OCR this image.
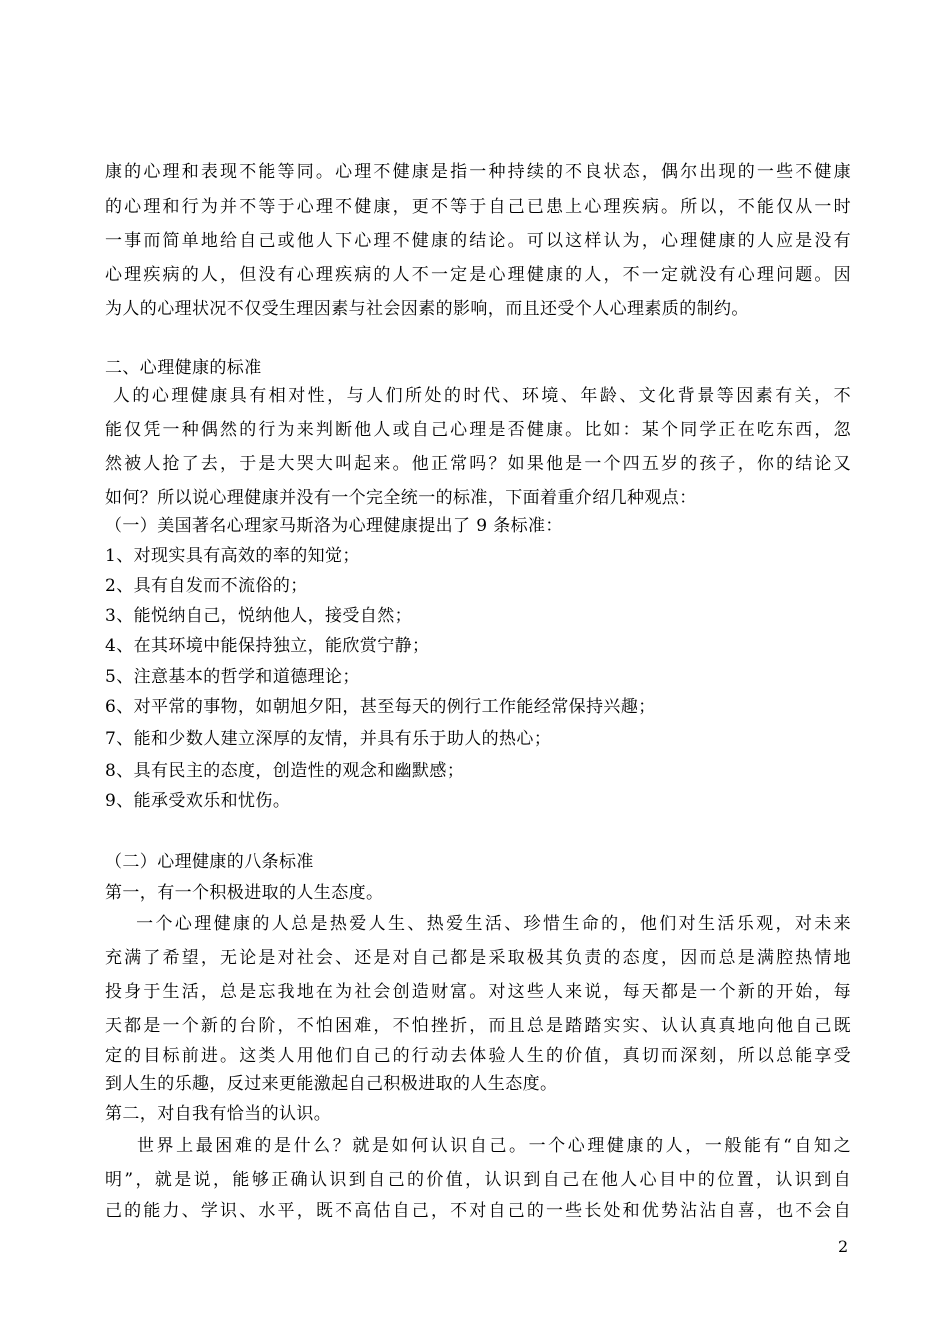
康的心理和表现不能等同。心理不健康是指一种持续的不良状态，偶尔出现的一些不健康
的心理和行为并不等于心理不健康，更不等于自己已患上心理疾病。所以，不能仅从一时
一事而简单地给自己或他人下心理不健康的结论。可以这样认为，心理健康的人应是没有
心理疾病的人，但没有心理疾病的人不一定是心理健康的人，不一定就没有心理问题。因
为人的心理状况不仅受生理因素与社会因素的影响，而且还受个人心理素质的制约。
二、心理健康的标准
人的心理健康具有相对性，与人们所处的时代、环境、年龄、文化背景等因素有关，不
能仅凭一种偶然的行为来判断他人或自己心理是否健康。比如：某个同学正在吃东西，忽
然被人抢了去，于是大哭大叫起来。他正常吗？如果他是一个四五岁的孩子，你的结论又
如何？所以说心理健康并没有一个完全统一的标准，下面着重介绍几种观点：
（一）美国著名心理家马斯洛为心理健康提出了 9 条标准：
1、对现实具有高效的率的知觉；
2、具有自发而不流俗的；
3、能悦纳自己，悦纳他人，接受自然；
4、在其环境中能保持独立，能欣赏宁静；
5、注意基本的哲学和道德理论；
6、对平常的事物，如朝旭夕阳，甚至每天的例行工作能经常保持兴趣；
7、能和少数人建立深厚的友情，并具有乐于助人的热心；
8、具有民主的态度，创造性的观念和幽默感；
9、能承受欢乐和忧伤。
（二）心理健康的八条标准
第一，有一个积极进取的人生态度。
一个心理健康的人总是热爱人生、热爱生活、珍惜生命的，他们对生活乐观，对未来
充满了希望，无论是对社会、还是对自己都是采取极其负责的态度，因而总是满腔热情地
投身于生活，总是忘我地在为社会创造财富。对这些人来说，每天都是一个新的开始，每
天都是一个新的台阶，不怕困难，不怕挫折，而且总是踏踏实实、认认真真地向他自己既
定的目标前进。这类人用他们自己的行动去体验人生的价值，真切而深刻，所以总能享受
到人生的乐趣，反过来更能激起自己积极进取的人生态度。
第二，对自我有恰当的认识。
世界上最困难的是什么？就是如何认识自己。一个心理健康的人，一般能有“自知之
明”，就是说，能够正确认识到自己的价值，认识到自己在他人心目中的位置，认识到自
己的能力、学识、水平，既不高估自己，不对自己的一些长处和优势沾沾自喜，也不会自
2
